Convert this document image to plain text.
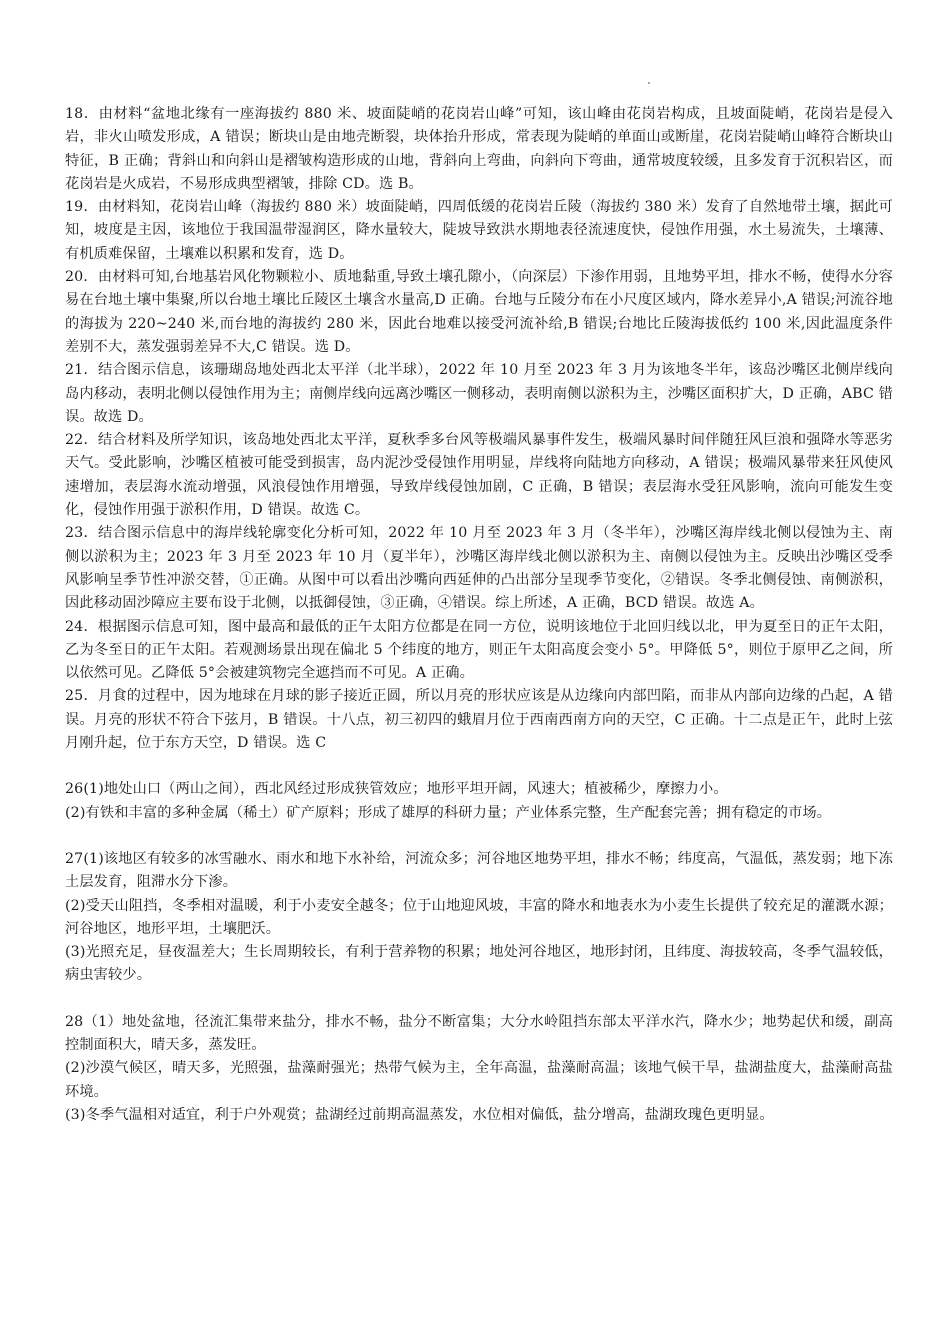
18．由材料“盆地北缘有一座海拔约 880 米、坡面陡峭的花岗岩山峰”可知，该山峰由花岗岩构成，且坡面陡峭，花岗岩是侵入岩，非火山喷发形成，A 错误；断块山是由地壳断裂，块体抬升形成，常表现为陡峭的单面山或断崖，花岗岩陡峭山峰符合断块山特征，B 正确；背斜山和向斜山是褶皱构造形成的山地，背斜向上弯曲，向斜向下弯曲，通常坡度较缓，且多发育于沉积岩区，而花岗岩是火成岩，不易形成典型褶皱，排除 CD。选 B。

19．由材料知，花岗岩山峰（海拔约 880 米）坡面陡峭，四周低缓的花岗岩丘陵（海拔约 380 米）发育了自然地带土壤，据此可知，坡度是主因，该地位于我国温带湿润区，降水量较大，陡坡导致洪水期地表径流速度快，侵蚀作用强，水土易流失，土壤薄、有机质难保留，土壤难以积累和发育，选 D。

20．由材料可知,台地基岩风化物颗粒小、质地黏重,导致土壤孔隙小，（向深层）下渗作用弱，且地势平坦，排水不畅，使得水分容易在台地土壤中集聚,所以台地土壤比丘陵区土壤含水量高,D 正确。台地与丘陵分布在小尺度区域内，降水差异小,A 错误;河流谷地的海拔为 220~240 米,而台地的海拔约 280 米，因此台地难以接受河流补给,B 错误;台地比丘陵海拔低约 100 米,因此温度条件差别不大，蒸发强弱差异不大,C 错误。选 D。

21．结合图示信息，该珊瑚岛地处西北太平洋（北半球），2022 年 10 月至 2023 年 3 月为该地冬半年，该岛沙嘴区北侧岸线向岛内移动，表明北侧以侵蚀作用为主；南侧岸线向远离沙嘴区一侧移动，表明南侧以淤积为主，沙嘴区面积扩大，D 正确，ABC 错误。故选 D。

22．结合材料及所学知识，该岛地处西北太平洋，夏秋季多台风等极端风暴事件发生，极端风暴时间伴随狂风巨浪和强降水等恶劣天气。受此影响，沙嘴区植被可能受到损害，岛内泥沙受侵蚀作用明显，岸线将向陆地方向移动，A 错误；极端风暴带来狂风使风速增加，表层海水流动增强，风浪侵蚀作用增强，导致岸线侵蚀加剧，C 正确，B 错误；表层海水受狂风影响，流向可能发生变化，侵蚀作用强于淤积作用，D 错误。故选 C。

23．结合图示信息中的海岸线轮廓变化分析可知，2022 年 10 月至 2023 年 3 月（冬半年），沙嘴区海岸线北侧以侵蚀为主、南侧以淤积为主；2023 年 3 月至 2023 年 10 月（夏半年），沙嘴区海岸线北侧以淤积为主、南侧以侵蚀为主。反映出沙嘴区受季风影响呈季节性冲淤交替，①正确。从图中可以看出沙嘴向西延伸的凸出部分呈现季节变化，②错误。冬季北侧侵蚀、南侧淤积，因此移动固沙障应主要布设于北侧，以抵御侵蚀，③正确，④错误。综上所述，A 正确，BCD 错误。故选 A。

24．根据图示信息可知，图中最高和最低的正午太阳方位都是在同一方位，说明该地位于北回归线以北，甲为夏至日的正午太阳，乙为冬至日的正午太阳。若观测场景出现在偏北 5 个纬度的地方，则正午太阳高度会变小 5°。甲降低 5°，则位于原甲乙之间，所以依然可见。乙降低 5°会被建筑物完全遮挡而不可见。A 正确。

25．月食的过程中，因为地球在月球的影子接近正圆，所以月亮的形状应该是从边缘向内部凹陷，而非从内部向边缘的凸起，A 错误。月亮的形状不符合下弦月，B 错误。十八点，初三初四的蛾眉月位于西南西南方向的天空，C 正确。十二点是正午，此时上弦月刚升起，位于东方天空，D 错误。选 C

26(1)地处山口（两山之间），西北风经过形成狭管效应；地形平坦开阔，风速大；植被稀少，摩擦力小。

(2)有铁和丰富的多种金属（稀土）矿产原料；形成了雄厚的科研力量；产业体系完整，生产配套完善；拥有稳定的市场。

27(1)该地区有较多的冰雪融水、雨水和地下水补给，河流众多；河谷地区地势平坦，排水不畅；纬度高，气温低，蒸发弱；地下冻土层发育，阻滞水分下渗。

(2)受天山阻挡，冬季相对温暖，利于小麦安全越冬；位于山地迎风坡，丰富的降水和地表水为小麦生长提供了较充足的灌溉水源；河谷地区，地形平坦，土壤肥沃。

(3)光照充足，昼夜温差大；生长周期较长，有利于营养物的积累；地处河谷地区，地形封闭，且纬度、海拔较高，冬季气温较低，病虫害较少。

28（1）地处盆地，径流汇集带来盐分，排水不畅，盐分不断富集；大分水岭阻挡东部太平洋水汽，降水少；地势起伏和缓，副高控制面积大，晴天多，蒸发旺。

(2)沙漠气候区，晴天多，光照强，盐藻耐强光；热带气候为主，全年高温，盐藻耐高温；该地气候干旱，盐湖盐度大，盐藻耐高盐环境。

(3)冬季气温相对适宜，利于户外观赏；盐湖经过前期高温蒸发，水位相对偏低，盐分增高，盐湖玫瑰色更明显。
